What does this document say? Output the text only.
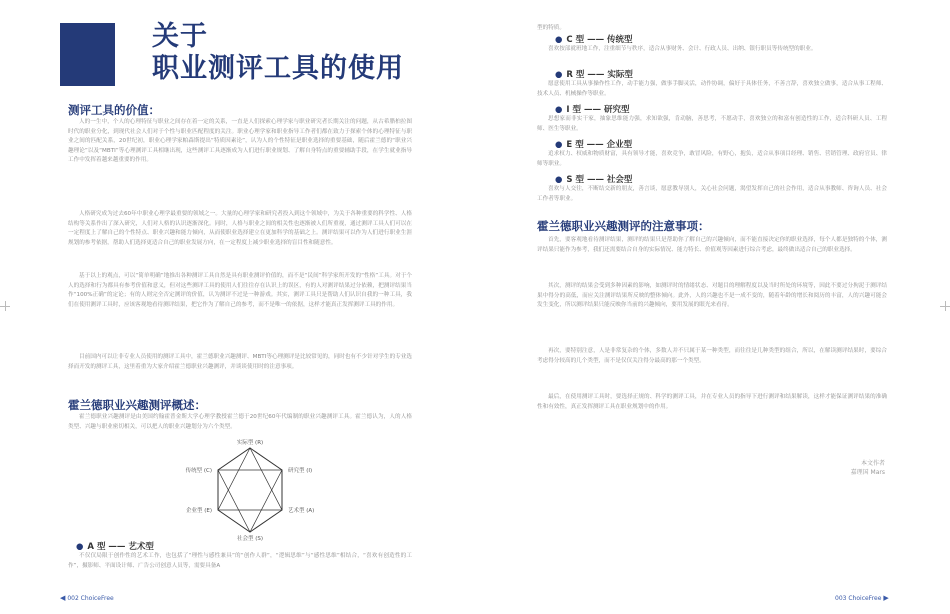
关于
职业测评工具的使用
测评工具的价值：

人的一生中，个人的心理特征与职业之间存在着一定的关系，一直是人们探索心理学家与职业研究者长期关注的问题，从古希腊柏拉图时代的职业分化，到现代社会人们对于个性与职业匹配程度的关注。职业心理学家和职业指导工作者们都在致力于探索个体的心理特征与职业之间的匹配关系，20世纪初，职业心理学家帕森斯提出“特质因素论”，认为人的个性特征是职业选择的重要基础，随后霍兰德的“职业兴趣理论”以及“MBTI”等心理测评工具相继出现，这些测评工具逐渐成为人们进行职业规划、了解自身特点的重要辅助手段，在学生就业指导工作中发挥着越来越重要的作用。

人格研究成为过去60年中职业心理学最重要的领域之一。大量的心理学家和研究者投入到这个领域中，为关于各种重要的科学性、人格结构等关系作出了深入研究，人们对人格的认识逐渐深化。同时，人格与职业之间的相关性也逐渐被人们所重视，通过测评工具人们可以在一定程度上了解自己的个性特点、职业兴趣和能力倾向，从而使职业选择建立在更加科学的基础之上。测评结果可以作为人们进行职业生涯规划的参考依据，帮助人们选择更适合自己的职业发展方向，在一定程度上减少职业选择的盲目性和随意性。

基于以上的观点，可以“简单明确”地推出各种测评工具自然是具有职业测评价值的，而不是“民间”科学家所开发的“性格”工具。对于个人的选择和行为都具有参考价值和意义，但对这些测评工具的使用人们往往存在认识上的误区，有的人对测评结果过分依赖，把测评结果当作“100%正确”的定论；有的人则完全否定测评的价值，认为测评不过是一种游戏。其实，测评工具只是帮助人们认识自我的一种工具，我们在使用测评工具时，应该客观地看待测评结果，把它作为了解自己的参考，而不是唯一的依据，这样才能真正发挥测评工具的作用。

目前国内可以让非专业人员使用的测评工具中，霍兰德职业兴趣测评、MBTI等心理测评是比较常见的，同时也有不少针对学生的专业选择而开发的测评工具，这里着重为大家介绍霍兰德职业兴趣测评，并谈谈使用时的注意事项。

霍兰德职业兴趣测评概述：

霍兰德职业兴趣测评是由美国约翰霍普金斯大学心理学教授霍兰德于20世纪60年代编制的职业兴趣测评工具。霍兰德认为，人的人格类型、兴趣与职业密切相关，可以把人的职业兴趣划分为六个类型。

实际型 (R)
研究型 (I)
艺术型 (A)
社会型 (S)
企业型 (E)
传统型 (C)
● A 型 —— 艺术型

不仅仅局限于创作性的艺术工作，也包括了“理性与感性兼具”的“创作人群”，“逻辑思维”与“感性思维”相结合，“喜欢有创造性的工作”，摄影师、平面设计师、广告公司创意人员等，需要具备A

◀ 002 ChoiceFree

型的特质。

● C 型 —— 传统型

喜欢按部就班地工作，注重细节与秩序，适合从事财务、会计、行政人员、出纳、银行职员等传统型的职业。

● R 型 —— 实际型

愿意使用工具从事操作性工作，动手能力强，做事手脚灵活，动作协调，偏好于具体任务，不善言辞，喜欢独立做事，适合从事工程师、技术人员、机械操作等职业。

● I 型 —— 研究型

思想家而非实干家，抽象思维能力强，求知欲强，肯动脑，善思考，不愿动手，喜欢独立的和富有创造性的工作，适合科研人员、工程师、医生等职业。

● E 型 —— 企业型

追求权力、权威和物质财富，具有领导才能，喜欢竞争，敢冒风险，有野心，抱负，适合从事项目经理、销售、营销管理、政府官员、律师等职业。

● S 型 —— 社会型

喜欢与人交往，不断结交新的朋友，善言谈，愿意教导别人，关心社会问题，渴望发挥自己的社会作用，适合从事教师、咨询人员、社会工作者等职业。

霍兰德职业兴趣测评的注意事项：

首先，要客观地看待测评结果，测评的结果只是帮助你了解自己的兴趣倾向，而不能直接决定你的职业选择，每个人都是独特的个体，测评结果只能作为参考，我们还需要结合自身的实际情况、能力特长、价值观等因素进行综合考虑，最终做出适合自己的职业选择。

其次，测评的结果会受到多种因素的影响，如测评时的情绪状态、对题目的理解程度以及当时所处的环境等，因此不要过分拘泥于测评结果中得分的高低，而应关注测评结果所反映的整体倾向。此外，人的兴趣也不是一成不变的，随着年龄的增长和阅历的丰富，人的兴趣可能会发生变化，所以测评结果只能反映你当前的兴趣倾向，要用发展的眼光来看待。

再次，要特别注意，人是非常复杂的个体，多数人并不只属于某一种类型，而往往是几种类型的组合，所以，在解读测评结果时，要综合考虑得分较高的几个类型，而不是仅仅关注得分最高的那一个类型。

最后，在使用测评工具时，要选择正规的、科学的测评工具，并在专业人员的指导下进行测评和结果解读，这样才能保证测评结果的准确性和有效性，真正发挥测评工具在职业规划中的作用。

本文作者
嘉理国 Mars
003 ChoiceFree ▶
